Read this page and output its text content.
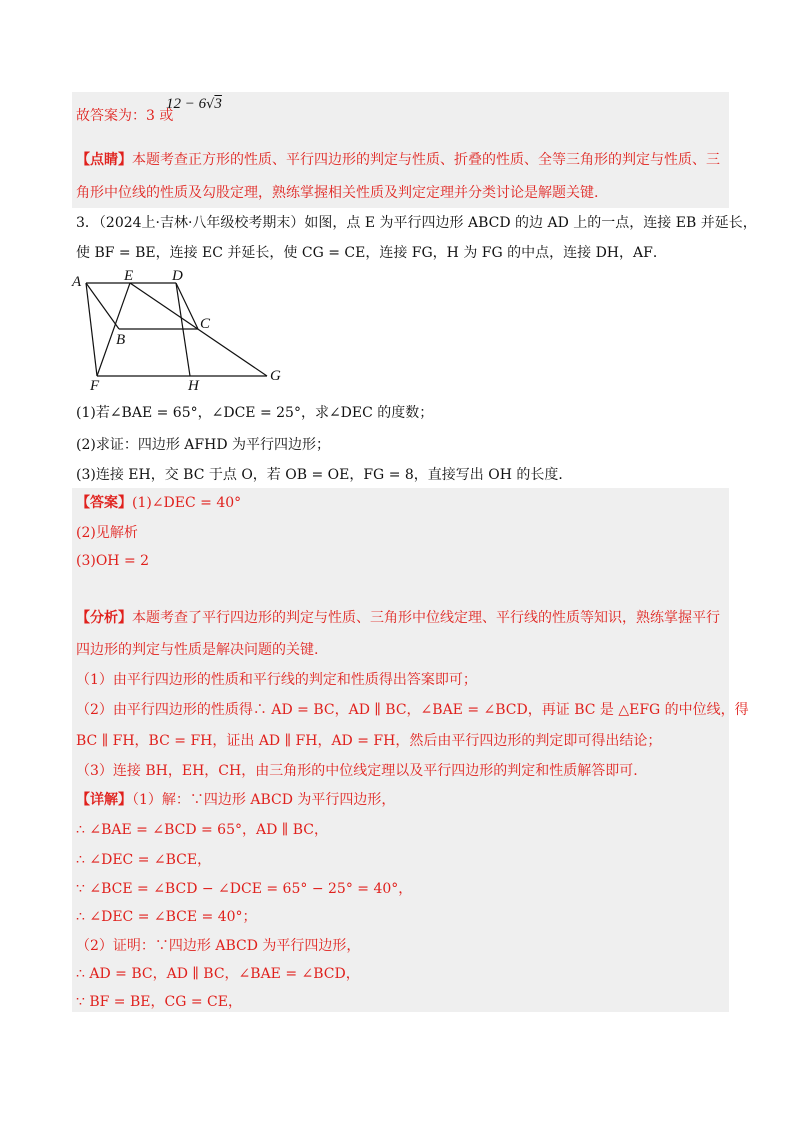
故答案为：3 或
12 − 6√3
【点睛】本题考查正方形的性质、平行四边形的判定与性质、折叠的性质、全等三角形的判定与性质、三
角形中位线的性质及勾股定理，熟练掌握相关性质及判定定理并分类讨论是解题关键.
3．（2024上·吉林·八年级校考期末）如图，点 E 为平行四边形 ABCD 的边 AD 上的一点，连接 EB 并延长，
使 BF = BE，连接 EC 并延长，使 CG = CE，连接 FG，H 为 FG 的中点，连接 DH，AF．
A	E	D
B
C
F	H
G
(1)若∠BAE = 65°，∠DCE = 25°，求∠DEC 的度数；
(2)求证：四边形 AFHD 为平行四边形；
(3)连接 EH，交 BC 于点 O，若 OB = OE，FG = 8，直接写出 OH 的长度．
【答案】(1)∠DEC = 40°
(2)见解析
(3)OH = 2
【分析】本题考查了平行四边形的判定与性质、三角形中位线定理、平行线的性质等知识，熟练掌握平行
四边形的判定与性质是解决问题的关键.
（1）由平行四边形的性质和平行线的判定和性质得出答案即可；
（2）由平行四边形的性质得∴ AD = BC，AD ∥ BC，∠BAE = ∠BCD，再证 BC 是 △EFG 的中位线，得
BC ∥ FH，BC = FH，证出 AD ∥ FH，AD = FH，然后由平行四边形的判定即可得出结论；
（3）连接 BH，EH，CH，由三角形的中位线定理以及平行四边形的判定和性质解答即可.
【详解】（1）解：∵四边形 ABCD 为平行四边形，
∴ ∠BAE = ∠BCD = 65°，AD ∥ BC，
∴ ∠DEC = ∠BCE，
∵ ∠BCE = ∠BCD − ∠DCE = 65° − 25° = 40°，
∴ ∠DEC = ∠BCE = 40°；
（2）证明：∵四边形 ABCD 为平行四边形，
∴ AD = BC，AD ∥ BC，∠BAE = ∠BCD，
∵ BF = BE，CG = CE，
